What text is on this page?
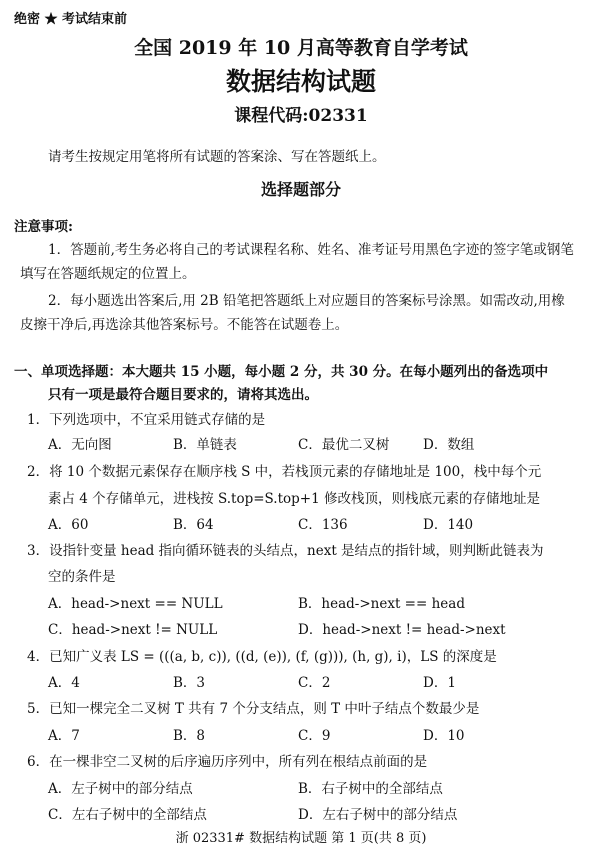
绝密 ★ 考试结束前
全国 2019 年 10 月高等教育自学考试
数据结构试题
课程代码:02331
请考生按规定用笔将所有试题的答案涂、写在答题纸上。
选择题部分
注意事项:
1．答题前,考生务必将自己的考试课程名称、姓名、准考证号用黑色字迹的签字笔或钢笔
填写在答题纸规定的位置上。
2．每小题选出答案后,用 2B 铅笔把答题纸上对应题目的答案标号涂黑。如需改动,用橡
皮擦干净后,再选涂其他答案标号。不能答在试题卷上。
一、单项选择题：本大题共 15 小题，每小题 2 分，共 30 分。在每小题列出的备选项中
只有一项是最符合题目要求的，请将其选出。
1．下列选项中，不宜采用链式存储的是
A．无向图	B．单链表	C．最优二叉树 D．数组
2．将 10 个数据元素保存在顺序栈 S 中，若栈顶元素的存储地址是 100，栈中每个元
素占 4 个存储单元，进栈按 S.top=S.top+1 修改栈顶，则栈底元素的存储地址是
A．60	B．64	C．136	D．140
3．设指针变量 head 指向循环链表的头结点，next 是结点的指针域，则判断此链表为
空的条件是
A．head->next == NULL	B．head->next == head
C．head->next != NULL	D．head->next != head->next
4．已知广义表 LS = (((a, b, c)), ((d, (e)), (f, (g))), (h, g), i)，LS 的深度是
A．4	B．3	C．2	D．1
5．已知一棵完全二叉树 T 共有 7 个分支结点，则 T 中叶子结点个数最少是
A．7	B．8	C．9	D．10
6．在一棵非空二叉树的后序遍历序列中，所有列在根结点前面的是
A．左子树中的部分结点	B．右子树中的全部结点
C．左右子树中的全部结点	D．左右子树中的部分结点
浙 02331# 数据结构试题 第 1 页(共 8 页)
